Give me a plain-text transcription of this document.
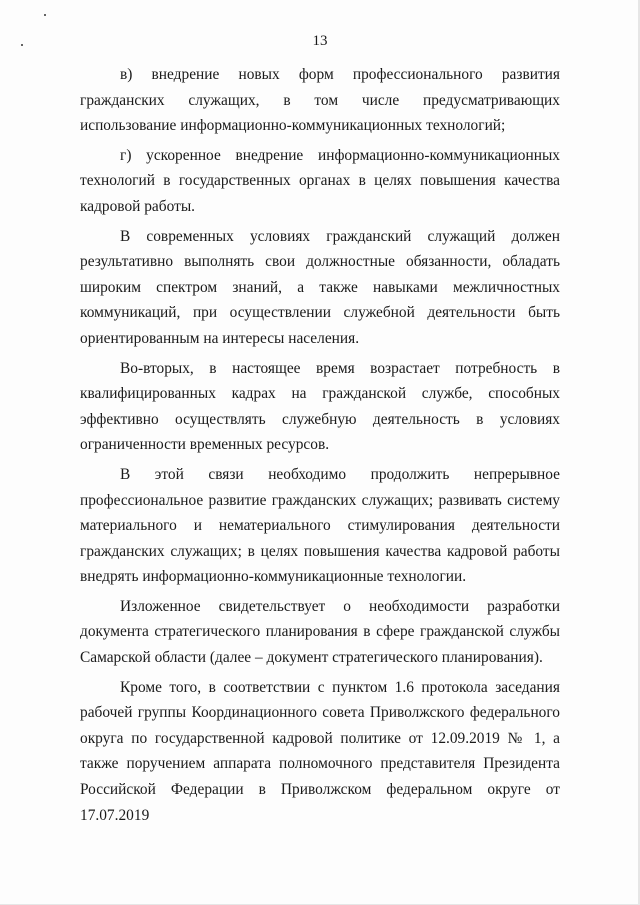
13

в) внедрение новых форм профессионального развития гражданских служащих, в том числе предусматривающих использование информационно-коммуникационных технологий;

г) ускоренное внедрение информационно-коммуникационных технологий в государственных органах в целях повышения качества кадровой работы.

В современных условиях гражданский служащий должен результативно выполнять свои должностные обязанности, обладать широким спектром знаний, а также навыками межличностных коммуникаций, при осуществлении служебной деятельности быть ориентированным на интересы населения.

Во-вторых, в настоящее время возрастает потребность в квалифицированных кадрах на гражданской службе, способных эффективно осуществлять служебную деятельность в условиях ограниченности временных ресурсов.

В этой связи необходимо продолжить непрерывное профессиональное развитие гражданских служащих; развивать систему материального и нематериального стимулирования деятельности гражданских служащих; в целях повышения качества кадровой работы внедрять информационно-коммуникационные технологии.

Изложенное свидетельствует о необходимости разработки документа стратегического планирования в сфере гражданской службы Самарской области (далее – документ стратегического планирования).

Кроме того, в соответствии с пунктом 1.6 протокола заседания рабочей группы Координационного совета Приволжского федерального округа по государственной кадровой политике от 12.09.2019 № 1, а также поручением аппарата полномочного представителя Президента Российской Федерации в Приволжском федеральном округе от 17.07.2019
